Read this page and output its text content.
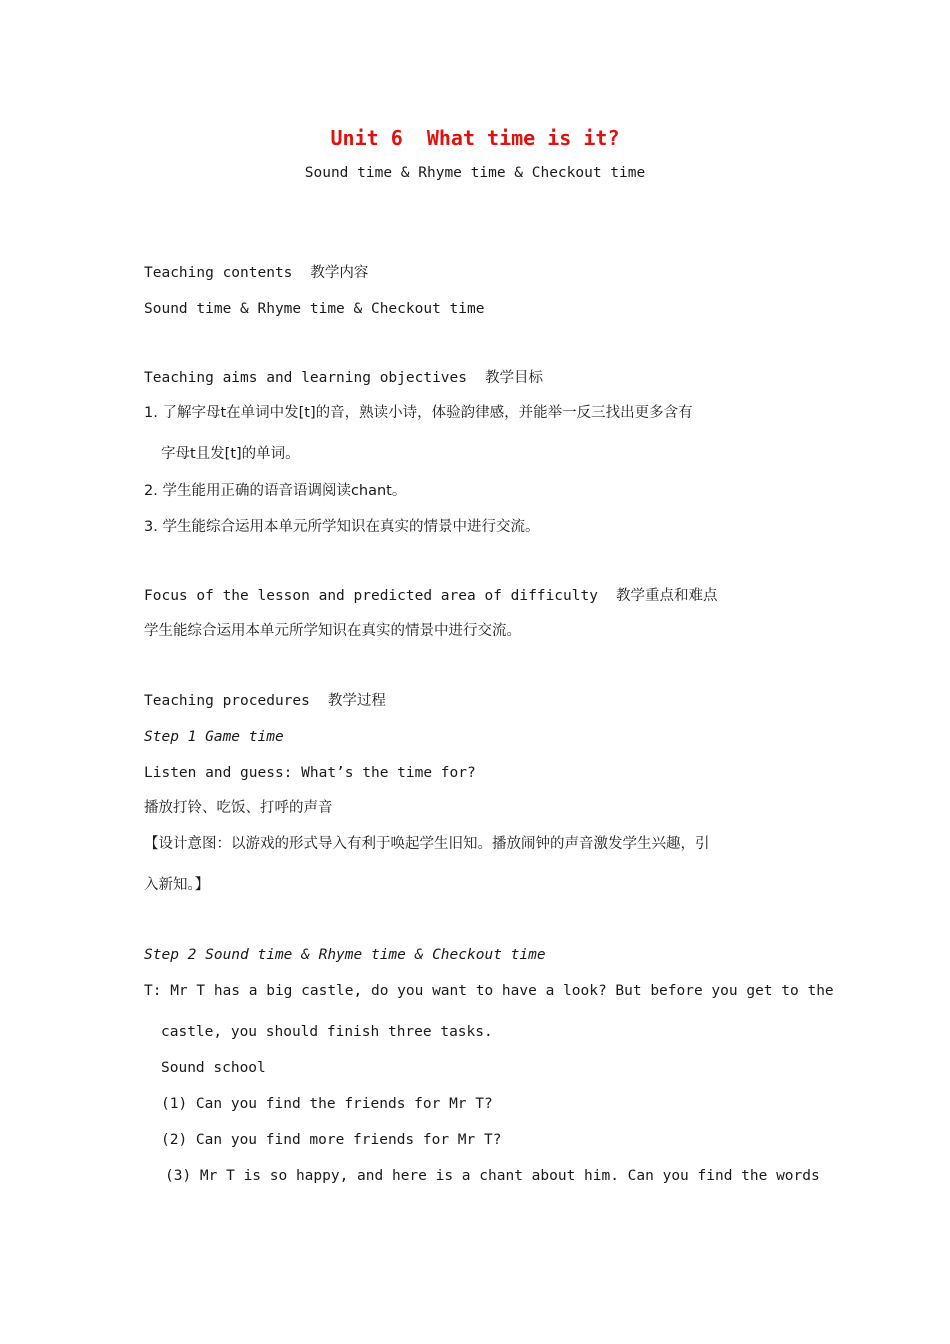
Unit 6  What time is it?
Sound time & Rhyme time & Checkout time
Teaching contents 教学内容
Sound time & Rhyme time & Checkout time
Teaching aims and learning objectives 教学目标
1. 了解字母t在单词中发[t]的音，熟读小诗，体验韵律感，并能举一反三找出更多含有
字母t且发[t]的单词。
2. 学生能用正确的语音语调阅读chant。
3. 学生能综合运用本单元所学知识在真实的情景中进行交流。
Focus of the lesson and predicted area of difficulty 教学重点和难点
学生能综合运用本单元所学知识在真实的情景中进行交流。
Teaching procedures 教学过程
Step 1 Game time
Listen and guess: What’s the time for?
播放打铃、吃饭、打呼的声音
【设计意图：以游戏的形式导入有利于唤起学生旧知。播放闹钟的声音激发学生兴趣，引
入新知。】
Step 2 Sound time & Rhyme time & Checkout time
T: Mr T has a big castle, do you want to have a look? But before you get to the
castle, you should finish three tasks.
Sound school
(1) Can you find the friends for Mr T?
(2) Can you find more friends for Mr T?
(3) Mr T is so happy, and here is a chant about him. Can you find the words
